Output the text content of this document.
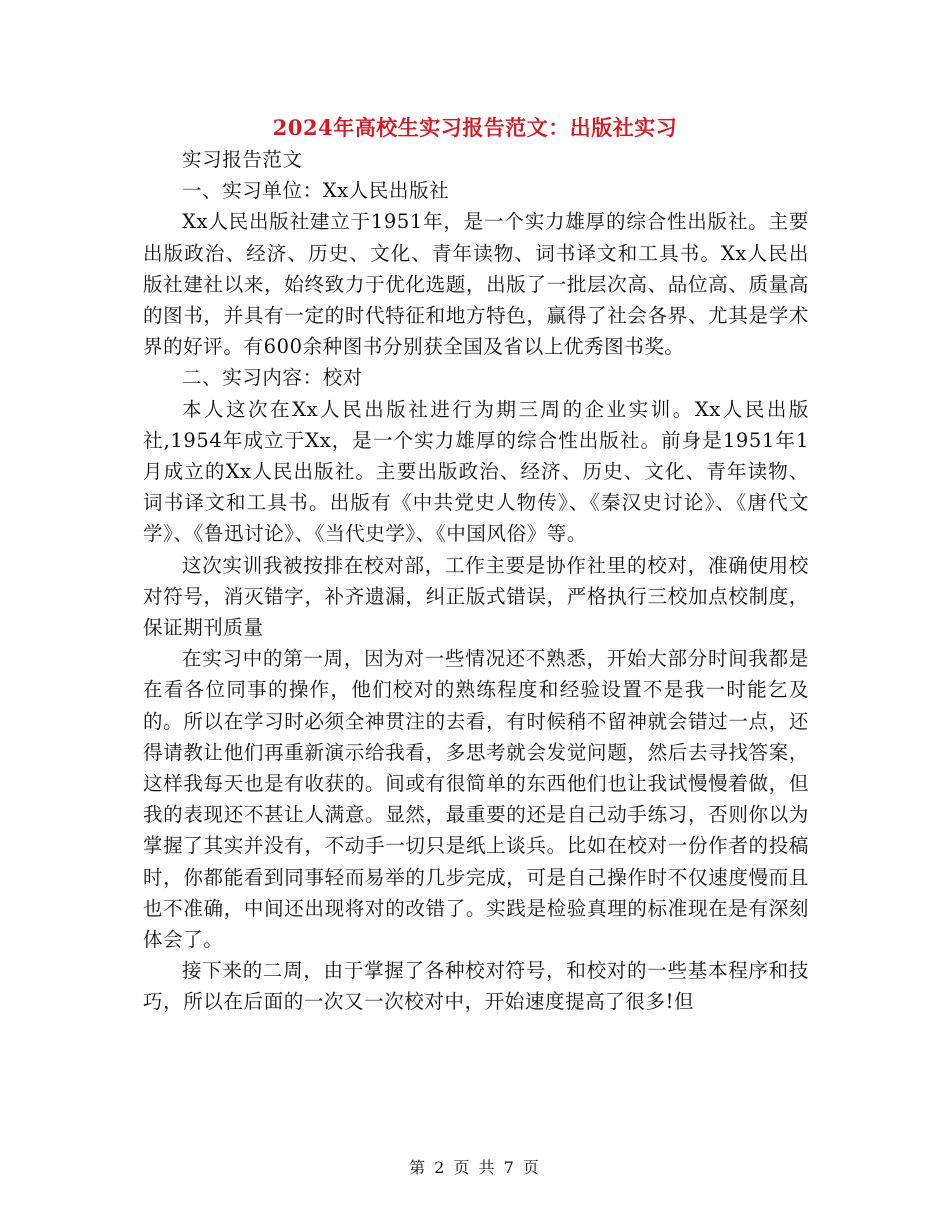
2024年高校生实习报告范文：出版社实习

实习报告范文

一、实习单位：Xx人民出版社

Xx人民出版社建立于1951年，是一个实力雄厚的综合性出版社。主要出版政治、经济、历史、文化、青年读物、词书译文和工具书。Xx人民出版社建社以来，始终致力于优化选题，出版了一批层次高、品位高、质量高的图书，并具有一定的时代特征和地方特色，赢得了社会各界、尤其是学术界的好评。有600余种图书分别获全国及省以上优秀图书奖。

二、实习内容：校对

本人这次在Xx人民出版社进行为期三周的企业实训。Xx人民出版社,1954年成立于Xx，是一个实力雄厚的综合性出版社。前身是1951年1月成立的Xx人民出版社。主要出版政治、经济、历史、文化、青年读物、词书译文和工具书。出版有《中共党史人物传》、《秦汉史讨论》、《唐代文学》、《鲁迅讨论》、《当代史学》、《中国风俗》等。

这次实训我被按排在校对部，工作主要是协作社里的校对，准确使用校对符号，消灭错字，补齐遗漏，纠正版式错误，严格执行三校加点校制度，保证期刊质量

在实习中的第一周，因为对一些情况还不熟悉，开始大部分时间我都是在看各位同事的操作，他们校对的熟练程度和经验设置不是我一时能乞及的。所以在学习时必须全神贯注的去看，有时候稍不留神就会错过一点，还得请教让他们再重新演示给我看，多思考就会发觉问题，然后去寻找答案，这样我每天也是有收获的。间或有很简单的东西他们也让我试慢慢着做，但我的表现还不甚让人满意。显然，最重要的还是自己动手练习，否则你以为掌握了其实并没有，不动手一切只是纸上谈兵。比如在校对一份作者的投稿时，你都能看到同事轻而易举的几步完成，可是自己操作时不仅速度慢而且也不准确，中间还出现将对的改错了。实践是检验真理的标准现在是有深刻体会了。

接下来的二周，由于掌握了各种校对符号，和校对的一些基本程序和技巧，所以在后面的一次又一次校对中，开始速度提高了很多!但

第 2 页 共 7 页
